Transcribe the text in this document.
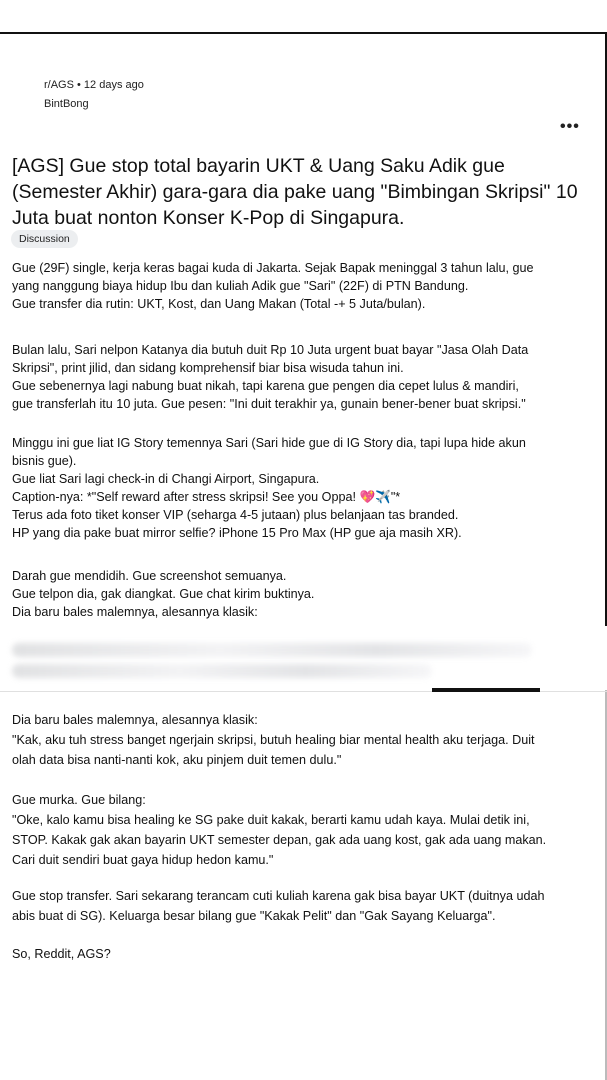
r/AGS • 12 days ago
BintBong
•••
[AGS] Gue stop total bayarin UKT & Uang Saku Adik gue (Semester Akhir) gara-gara dia pake uang "Bimbingan Skripsi" 10 Juta buat nonton Konser K-Pop di Singapura.
Discussion
Gue (29F) single, kerja keras bagai kuda di Jakarta. Sejak Bapak meninggal 3 tahun lalu, gue
yang nanggung biaya hidup Ibu dan kuliah Adik gue "Sari" (22F) di PTN Bandung.
Gue transfer dia rutin: UKT, Kost, dan Uang Makan (Total -+ 5 Juta/bulan).
Bulan lalu, Sari nelpon Katanya dia butuh duit Rp 10 Juta urgent buat bayar "Jasa Olah Data
Skripsi", print jilid, dan sidang komprehensif biar bisa wisuda tahun ini.
Gue sebenernya lagi nabung buat nikah, tapi karena gue pengen dia cepet lulus & mandiri,
gue transferlah itu 10 juta. Gue pesen: "Ini duit terakhir ya, gunain bener-bener buat skripsi."
Minggu ini gue liat IG Story temennya Sari (Sari hide gue di IG Story dia, tapi lupa hide akun
bisnis gue).
Gue liat Sari lagi check-in di Changi Airport, Singapura.
Caption-nya: *"Self reward after stress skripsi! See you Oppa! 💖✈️"*
Terus ada foto tiket konser VIP (seharga 4-5 jutaan) plus belanjaan tas branded.
HP yang dia pake buat mirror selfie? iPhone 15 Pro Max (HP gue aja masih XR).
Darah gue mendidih. Gue screenshot semuanya.
Gue telpon dia, gak diangkat. Gue chat kirim buktinya.
Dia baru bales malemnya, alesannya klasik:
Dia baru bales malemnya, alesannya klasik:
"Kak, aku tuh stress banget ngerjain skripsi, butuh healing biar mental health aku terjaga. Duit
olah data bisa nanti-nanti kok, aku pinjem duit temen dulu."
Gue murka. Gue bilang:
"Oke, kalo kamu bisa healing ke SG pake duit kakak, berarti kamu udah kaya. Mulai detik ini,
STOP. Kakak gak akan bayarin UKT semester depan, gak ada uang kost, gak ada uang makan.
Cari duit sendiri buat gaya hidup hedon kamu."
Gue stop transfer. Sari sekarang terancam cuti kuliah karena gak bisa bayar UKT (duitnya udah
abis buat di SG). Keluarga besar bilang gue "Kakak Pelit" dan "Gak Sayang Keluarga".
So, Reddit, AGS?
